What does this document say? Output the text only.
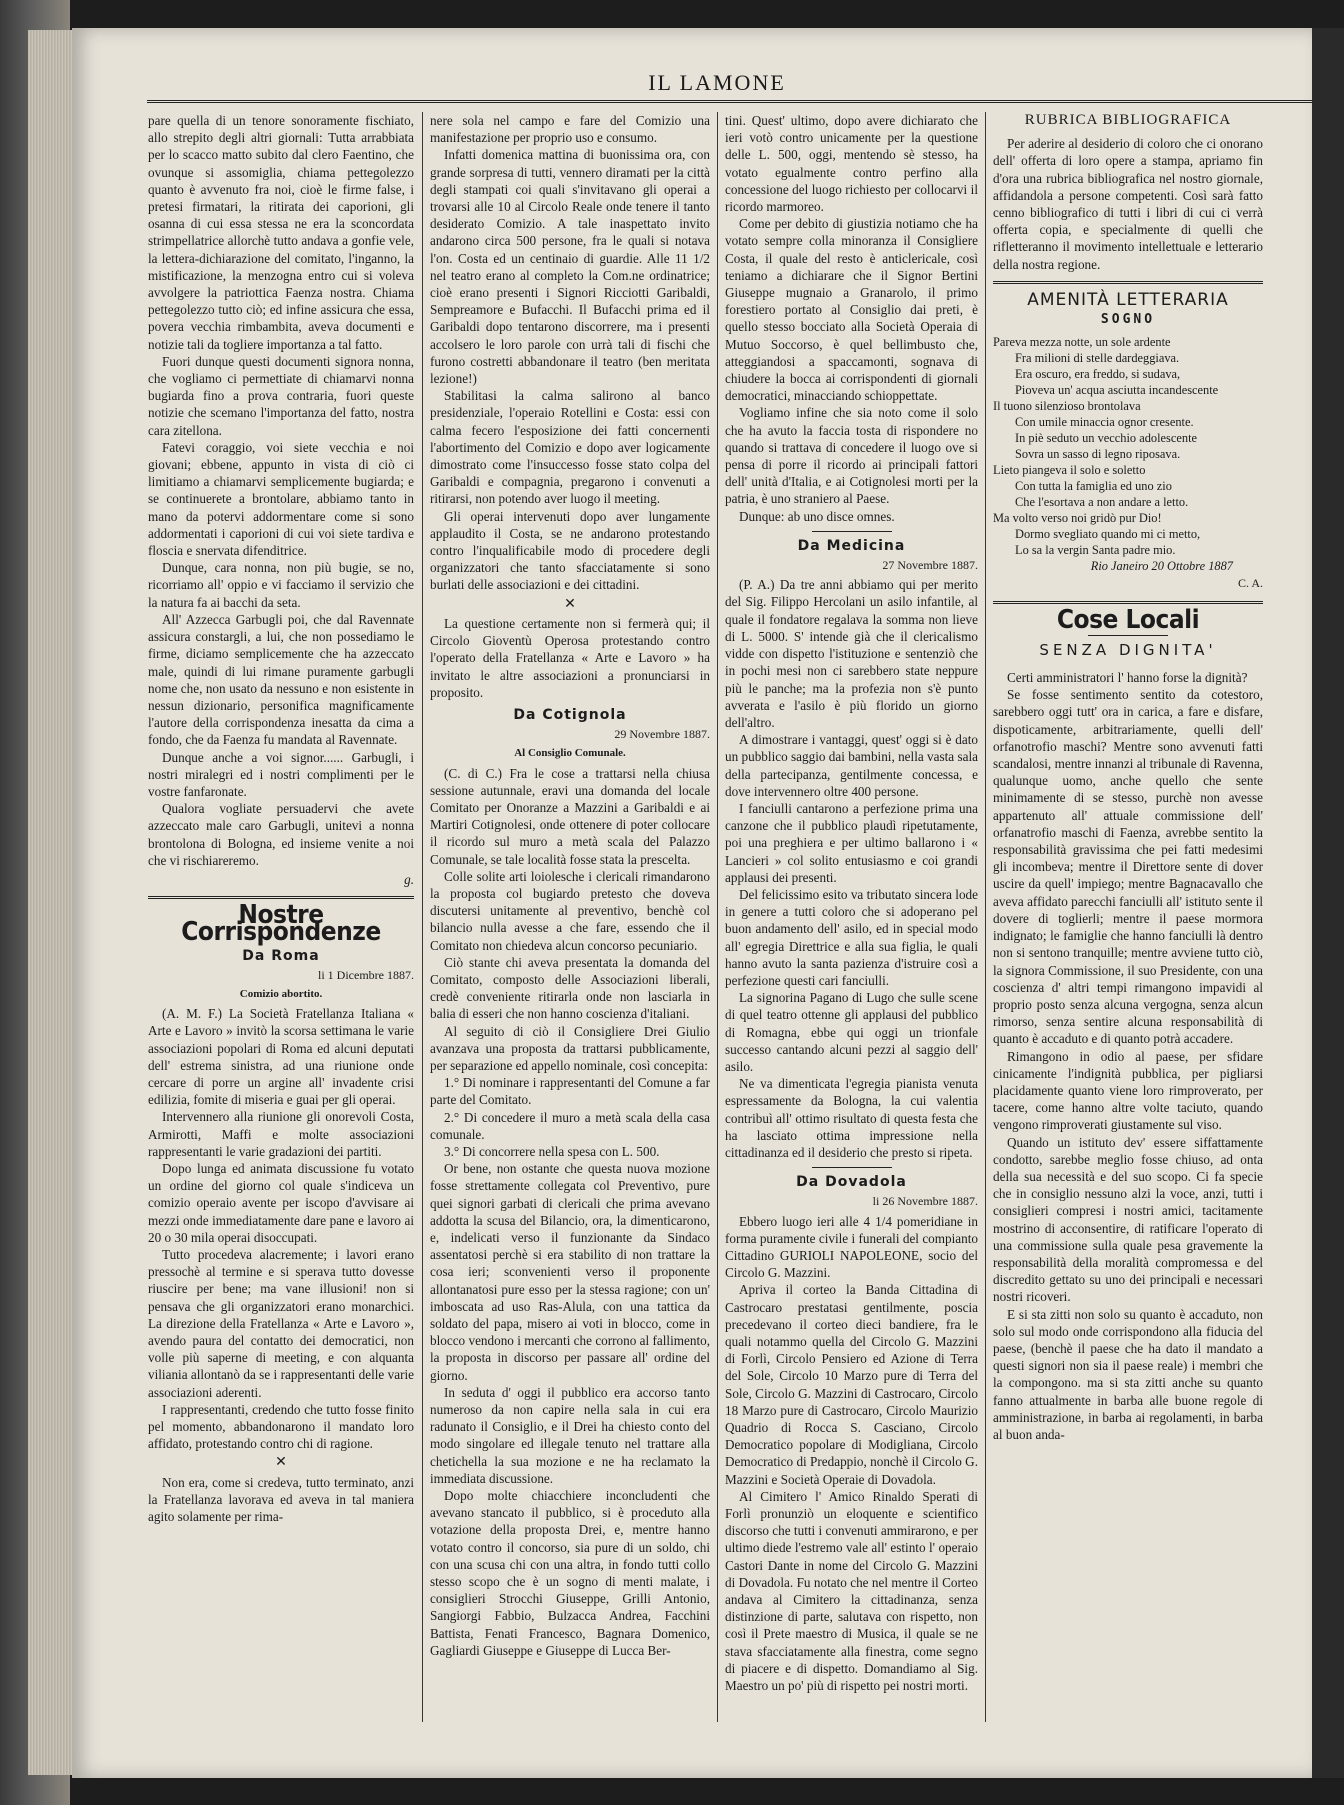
IL LAMONE

pare quella di un tenore sonoramente fischiato, allo strepito degli altri giornali: Tutta arrabbiata per lo scacco matto subito dal clero Faentino, che ovunque si assomiglia, chiama pettegolezzo quanto è avvenuto fra noi, cioè le firme false, i pretesi firmatari, la ritirata dei caporioni, gli osanna di cui essa stessa ne era la sconcordata strimpellatrice allorchè tutto andava a gonfie vele, la lettera-dichiarazione del comitato, l'inganno, la mistificazione, la menzogna entro cui si voleva avvolgere la patriottica Faenza nostra. Chiama pettegolezzo tutto ciò; ed infine assicura che essa, povera vecchia rimbambita, aveva documenti e notizie tali da togliere importanza a tal fatto.

Fuori dunque questi documenti signora nonna, che vogliamo ci permettiate di chiamarvi nonna bugiarda fino a prova contraria, fuori queste notizie che scemano l'importanza del fatto, nostra cara zitellona.

Fatevi coraggio, voi siete vecchia e noi giovani; ebbene, appunto in vista di ciò ci limitiamo a chiamarvi semplicemente bugiarda; e se continuerete a brontolare, abbiamo tanto in mano da potervi addormentare come si sono addormentati i caporioni di cui voi siete tardiva e floscia e snervata difenditrice.

Dunque, cara nonna, non più bugie, se no, ricorriamo all' oppio e vi facciamo il servizio che la natura fa ai bacchi da seta.

All' Azzecca Garbugli poi, che dal Ravennate assicura constargli, a lui, che non possediamo le firme, diciamo semplicemente che ha azzeccato male, quindi di lui rimane puramente garbugli nome che, non usato da nessuno e non esistente in nessun dizionario, personifica magnificamente l'autore della corrispondenza inesatta da cima a fondo, che da Faenza fu mandata al Ravennate.

Dunque anche a voi signor...... Garbugli, i nostri miralegri ed i nostri complimenti per le vostre fanfaronate.

Qualora vogliate persuadervi che avete azzeccato male caro Garbugli, unitevi a nonna brontolona di Bologna, ed insieme venite a noi che vi rischiareremo.

g.
Nostre Corrispondenze
Da Roma
li 1 Dicembre 1887.
Comizio abortito.

(A. M. F.) La Società Fratellanza Italiana « Arte e Lavoro » invitò la scorsa settimana le varie associazioni popolari di Roma ed alcuni deputati dell' estrema sinistra, ad una riunione onde cercare di porre un argine all' invadente crisi edilizia, fomite di miseria e guai per gli operai.

Intervennero alla riunione gli onorevoli Costa, Armirotti, Maffi e molte associazioni rappresentanti le varie gradazioni dei partiti.

Dopo lunga ed animata discussione fu votato un ordine del giorno col quale s'indiceva un comizio operaio avente per iscopo d'avvisare ai mezzi onde immediatamente dare pane e lavoro ai 20 o 30 mila operai disoccupati.

Tutto procedeva alacremente; i lavori erano pressochè al termine e si sperava tutto dovesse riuscire per bene; ma vane illusioni! non si pensava che gli organizzatori erano monarchici. La direzione della Fratellanza « Arte e Lavoro », avendo paura del contatto dei democratici, non volle più saperne di meeting, e con alquanta viliania allontanò da se i rappresentanti delle varie associazioni aderenti.

I rappresentanti, credendo che tutto fosse finito pel momento, abbandonarono il mandato loro affidato, protestando contro chi di ragione.

✕

Non era, come si credeva, tutto terminato, anzi la Fratellanza lavorava ed aveva in tal maniera agito solamente per rima-

nere sola nel campo e fare del Comizio una manifestazione per proprio uso e consumo.

Infatti domenica mattina di buonissima ora, con grande sorpresa di tutti, vennero diramati per la città degli stampati coi quali s'invitavano gli operai a trovarsi alle 10 al Circolo Reale onde tenere il tanto desiderato Comizio. A tale inaspettato invito andarono circa 500 persone, fra le quali si notava l'on. Costa ed un centinaio di guardie. Alle 11 1/2 nel teatro erano al completo la Com.ne ordinatrice; cioè erano presenti i Signori Ricciotti Garibaldi, Sempreamore e Bufacchi. Il Bufacchi prima ed il Garibaldi dopo tentarono discorrere, ma i presenti accolsero le loro parole con urrà tali di fischi che furono costretti abbandonare il teatro (ben meritata lezione!)

Stabilitasi la calma salirono al banco presidenziale, l'operaio Rotellini e Costa: essi con calma fecero l'esposizione dei fatti concernenti l'abortimento del Comizio e dopo aver logicamente dimostrato come l'insuccesso fosse stato colpa del Garibaldi e compagnia, pregarono i convenuti a ritirarsi, non potendo aver luogo il meeting.

Gli operai intervenuti dopo aver lungamente applaudito il Costa, se ne andarono protestando contro l'inqualificabile modo di procedere degli organizzatori che tanto sfacciatamente si sono burlati delle associazioni e dei cittadini.

✕

La questione certamente non si fermerà qui; il Circolo Gioventù Operosa protestando contro l'operato della Fratellanza « Arte e Lavoro » ha invitato le altre associazioni a pronunciarsi in proposito.

Da Cotignola
29 Novembre 1887.
Al Consiglio Comunale.

(C. di C.) Fra le cose a trattarsi nella chiusa sessione autunnale, eravi una domanda del locale Comitato per Onoranze a Mazzini a Garibaldi e ai Martiri Cotignolesi, onde ottenere di poter collocare il ricordo sul muro a metà scala del Palazzo Comunale, se tale località fosse stata la prescelta.

Colle solite arti loiolesche i clericali rimandarono la proposta col bugiardo pretesto che doveva discutersi unitamente al preventivo, benchè col bilancio nulla avesse a che fare, essendo che il Comitato non chiedeva alcun concorso pecuniario.

Ciò stante chi aveva presentata la domanda del Comitato, composto delle Associazioni liberali, credè conveniente ritirarla onde non lasciarla in balia di esseri che non hanno coscienza d'italiani.

Al seguito di ciò il Consigliere Drei Giulio avanzava una proposta da trattarsi pubblicamente, per separazione ed appello nominale, così concepita:

1.° Di nominare i rappresentanti del Comune a far parte del Comitato.

2.° Di concedere il muro a metà scala della casa comunale.

3.° Di concorrere nella spesa con L. 500.

Or bene, non ostante che questa nuova mozione fosse strettamente collegata col Preventivo, pure quei signori garbati di clericali che prima avevano addotta la scusa del Bilancio, ora, la dimenticarono, e, indelicati verso il funzionante da Sindaco assentatosi perchè si era stabilito di non trattare la cosa ieri; sconvenienti verso il proponente allontanatosi pure esso per la stessa ragione; con un' imboscata ad uso Ras-Alula, con una tattica da soldato del papa, misero ai voti in blocco, come in blocco vendono i mercanti che corrono al fallimento, la proposta in discorso per passare all' ordine del giorno.

In seduta d' oggi il pubblico era accorso tanto numeroso da non capire nella sala in cui era radunato il Consiglio, e il Drei ha chiesto conto del modo singolare ed illegale tenuto nel trattare alla chetichella la sua mozione e ne ha reclamato la immediata discussione.

Dopo molte chiacchiere inconcludenti che avevano stancato il pubblico, si è proceduto alla votazione della proposta Drei, e, mentre hanno votato contro il concorso, sia pure di un soldo, chi con una scusa chi con una altra, in fondo tutti collo stesso scopo che è un sogno di menti malate, i consiglieri Strocchi Giuseppe, Grilli Antonio, Sangiorgi Fabbio, Bulzacca Andrea, Facchini Battista, Fenati Francesco, Bagnara Domenico, Gagliardi Giuseppe e Giuseppe di Lucca Ber-

tini. Quest' ultimo, dopo avere dichiarato che ieri votò contro unicamente per la questione delle L. 500, oggi, mentendo sè stesso, ha votato egualmente contro perfino alla concessione del luogo richiesto per collocarvi il ricordo marmoreo.

Come per debito di giustizia notiamo che ha votato sempre colla minoranza il Consigliere Costa, il quale del resto è anticlericale, così teniamo a dichiarare che il Signor Bertini Giuseppe mugnaio a Granarolo, il primo forestiero portato al Consiglio dai preti, è quello stesso bocciato alla Società Operaia di Mutuo Soccorso, è quel bellimbusto che, atteggiandosi a spaccamonti, sognava di chiudere la bocca ai corrispondenti di giornali democratici, minacciando schioppettate.

Vogliamo infine che sia noto come il solo che ha avuto la faccia tosta di rispondere no quando si trattava di concedere il luogo ove si pensa di porre il ricordo ai principali fattori dell' unità d'Italia, e ai Cotignolesi morti per la patria, è uno straniero al Paese.

Dunque: ab uno disce omnes.

Da Medicina
27 Novembre 1887.

(P. A.) Da tre anni abbiamo qui per merito del Sig. Filippo Hercolani un asilo infantile, al quale il fondatore regalava la somma non lieve di L. 5000. S' intende già che il clericalismo vidde con dispetto l'istituzione e sentenziò che in pochi mesi non ci sarebbero state neppure più le panche; ma la profezia non s'è punto avverata e l'asilo è più florido un giorno dell'altro.

A dimostrare i vantaggi, quest' oggi si è dato un pubblico saggio dai bambini, nella vasta sala della partecipanza, gentilmente concessa, e dove intervennero oltre 400 persone.

I fanciulli cantarono a perfezione prima una canzone che il pubblico plaudì ripetutamente, poi una preghiera e per ultimo ballarono i « Lancieri » col solito entusiasmo e coi grandi applausi dei presenti.

Del felicissimo esito va tributato sincera lode in genere a tutti coloro che si adoperano pel buon andamento dell' asilo, ed in special modo all' egregia Direttrice e alla sua figlia, le quali hanno avuto la santa pazienza d'istruire così a perfezione questi cari fanciulli.

La signorina Pagano di Lugo che sulle scene di quel teatro ottenne gli applausi del pubblico di Romagna, ebbe qui oggi un trionfale successo cantando alcuni pezzi al saggio dell' asilo.

Ne va dimenticata l'egregia pianista venuta espressamente da Bologna, la cui valentia contribuì all' ottimo risultato di questa festa che ha lasciato ottima impressione nella cittadinanza ed il desiderio che presto si ripeta.

Da Dovadola
li 26 Novembre 1887.

Ebbero luogo ieri alle 4 1/4 pomeridiane in forma puramente civile i funerali del compianto Cittadino GURIOLI NAPOLEONE, socio del Circolo G. Mazzini.

Apriva il corteo la Banda Cittadina di Castrocaro prestatasi gentilmente, poscia precedevano il corteo dieci bandiere, fra le quali notammo quella del Circolo G. Mazzini di Forlì, Circolo Pensiero ed Azione di Terra del Sole, Circolo 10 Marzo pure di Terra del Sole, Circolo G. Mazzini di Castrocaro, Circolo 18 Marzo pure di Castrocaro, Circolo Maurizio Quadrio di Rocca S. Casciano, Circolo Democratico popolare di Modigliana, Circolo Democratico di Predappio, nonchè il Circolo G. Mazzini e Società Operaie di Dovadola.

Al Cimitero l' Amico Rinaldo Sperati di Forlì pronunziò un eloquente e scientifico discorso che tutti i convenuti ammirarono, e per ultimo diede l'estremo vale all' estinto l' operaio Castori Dante in nome del Circolo G. Mazzini di Dovadola. Fu notato che nel mentre il Corteo andava al Cimitero la cittadinanza, senza distinzione di parte, salutava con rispetto, non così il Prete maestro di Musica, il quale se ne stava sfacciatamente alla finestra, come segno di piacere e di dispetto. Domandiamo al Sig. Maestro un po' più di rispetto pei nostri morti.

RUBRICA BIBLIOGRAFICA

Per aderire al desiderio di coloro che ci onorano dell' offerta di loro opere a stampa, apriamo fin d'ora una rubrica bibliografica nel nostro giornale, affidandola a persone competenti. Così sarà fatto cenno bibliografico di tutti i libri di cui ci verrà offerta copia, e specialmente di quelli che rifletteranno il movimento intellettuale e letterario della nostra regione.

AMENITÀ LETTERARIA
SOGNO
Pareva mezza notte, un sole ardente
Fra milioni di stelle dardeggiava.
Era oscuro, era freddo, si sudava,
Pioveva un' acqua asciutta incandescente
Il tuono silenzioso brontolava
Con umile minaccia ognor cresente.
In piè seduto un vecchio adolescente
Sovra un sasso di legno riposava.
Lieto piangeva il solo e soletto
Con tutta la famiglia ed uno zio
Che l'esortava a non andare a letto.
Ma volto verso noi gridò pur Dio!
Dormo svegliato quando mi ci metto,
Lo sa la vergin Santa padre mio.
Rio Janeiro 20 Ottobre 1887
C. A.
Cose Locali
SENZA DIGNITA'

Certi amministratori l' hanno forse la dignità?

Se fosse sentimento sentito da cotestoro, sarebbero oggi tutt' ora in carica, a fare e disfare, dispoticamente, arbitrariamente, quelli dell' orfanotrofio maschi? Mentre sono avvenuti fatti scandalosi, mentre innanzi al tribunale di Ravenna, qualunque uomo, anche quello che sente minimamente di se stesso, purchè non avesse appartenuto all' attuale commissione dell' orfanatrofio maschi di Faenza, avrebbe sentito la responsabilità gravissima che pei fatti medesimi gli incombeva; mentre il Direttore sente di dover uscire da quell' impiego; mentre Bagnacavallo che aveva affidato parecchi fanciulli all' istituto sente il dovere di toglierli; mentre il paese mormora indignato; le famiglie che hanno fanciulli là dentro non si sentono tranquille; mentre avviene tutto ciò, la signora Commissione, il suo Presidente, con una coscienza d' altri tempi rimangono impavidi al proprio posto senza alcuna vergogna, senza alcun rimorso, senza sentire alcuna responsabilità di quanto è accaduto e di quanto potrà accadere.

Rimangono in odio al paese, per sfidare cinicamente l'indignità pubblica, per pigliarsi placidamente quanto viene loro rimproverato, per tacere, come hanno altre volte taciuto, quando vengono rimproverati giustamente sul viso.

Quando un istituto dev' essere siffattamente condotto, sarebbe meglio fosse chiuso, ad onta della sua necessità e del suo scopo. Ci fa specie che in consiglio nessuno alzi la voce, anzi, tutti i consiglieri compresi i nostri amici, tacitamente mostrino di acconsentire, di ratificare l'operato di una commissione sulla quale pesa gravemente la responsabilità della moralità compromessa e del discredito gettato su uno dei principali e necessari nostri ricoveri.

E si sta zitti non solo su quanto è accaduto, non solo sul modo onde corrispondono alla fiducia del paese, (benchè il paese che ha dato il mandato a questi signori non sia il paese reale) i membri che la compongono. ma si sta zitti anche su quanto fanno attualmente in barba alle buone regole di amministrazione, in barba ai regolamenti, in barba al buon anda-
